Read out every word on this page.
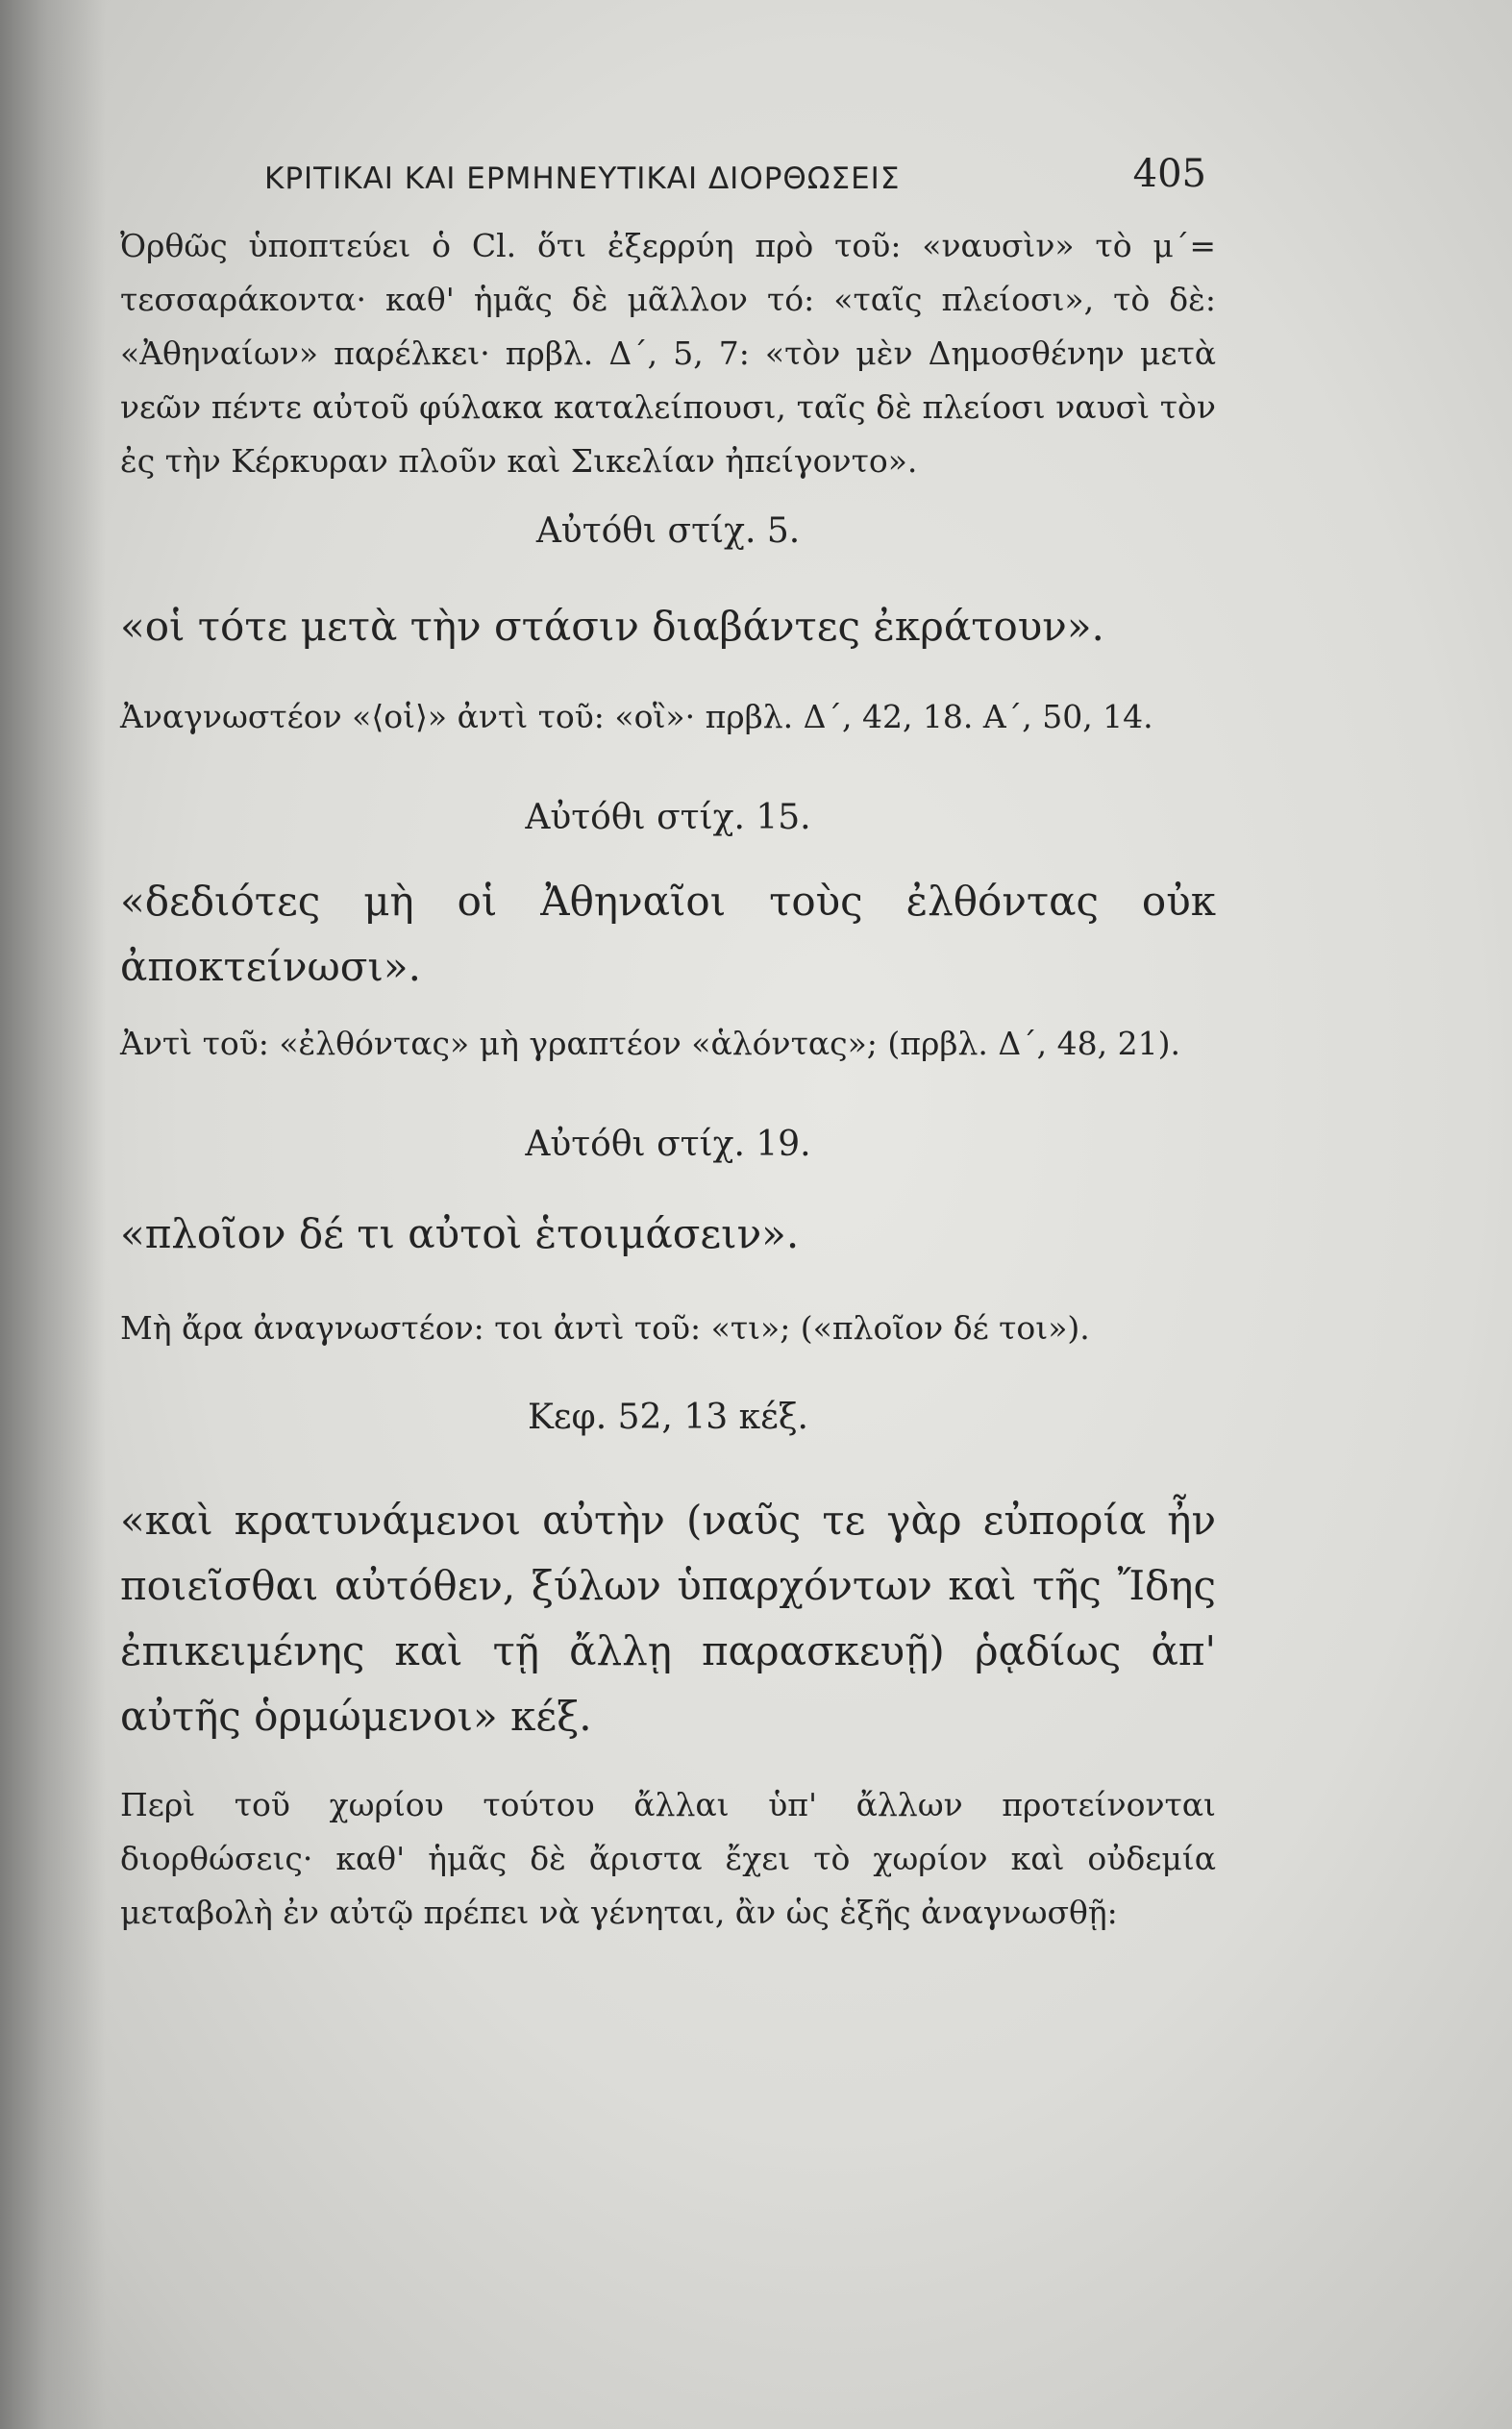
ΚΡΙΤΙΚΑΙ ΚΑΙ ΕΡΜΗΝΕΥΤΙΚΑΙ ΔΙΟΡΘΩΣΕΙΣ	405

Ὀρθῶς ὑποπτεύει ὁ Cl. ὅτι ἐξερρύη πρὸ τοῦ: «ναυσὶν» τὸ μ´= τεσσαράκοντα· καθ' ἡμᾶς δὲ μᾶλλον τό: «ταῖς πλείοσι», τὸ δὲ: «Ἀθηναίων» παρέλκει· πρβλ. Δ´, 5, 7: «τὸν μὲν Δημοσθένην μετὰ νεῶν πέντε αὐτοῦ φύλακα καταλείπουσι, ταῖς δὲ πλείοσι ναυσὶ τὸν ἐς τὴν Κέρκυραν πλοῦν καὶ Σικελίαν ἠπείγοντο».

Αὐτόθι στίχ. 5.

«οἱ τότε μετὰ τὴν στάσιν διαβάντες ἐκράτουν».

Ἀναγνωστέον «⟨οἱ⟩» ἀντὶ τοῦ: «οἳ»· πρβλ. Δ´, 42, 18. Α´, 50, 14.

Αὐτόθι στίχ. 15.

«δεδιότες μὴ οἱ Ἀθηναῖοι τοὺς ἐλθόντας οὐκ ἀποκτείνωσι».

Ἀντὶ τοῦ: «ἐλθόντας» μὴ γραπτέον «ἁλόντας»; (πρβλ. Δ´, 48, 21).

Αὐτόθι στίχ. 19.

«πλοῖον δέ τι αὐτοὶ ἑτοιμάσειν».

Μὴ ἄρα ἀναγνωστέον: τοι ἀντὶ τοῦ: «τι»; («πλοῖον δέ τοι»).

Κεφ. 52, 13 κέξ.

«καὶ κρατυνάμενοι αὐτὴν (ναῦς τε γὰρ εὐπορία ἦν ποιεῖσθαι αὐτόθεν, ξύλων ὑπαρχόντων καὶ τῆς Ἴδης ἐπικειμένης καὶ τῇ ἄλλῃ παρασκευῇ) ῥᾳδίως ἀπ' αὐτῆς ὁρμώμενοι» κέξ.

Περὶ τοῦ χωρίου τούτου ἄλλαι ὑπ' ἄλλων προτείνονται διορθώσεις· καθ' ἡμᾶς δὲ ἄριστα ἔχει τὸ χωρίον καὶ οὐδεμία μεταβολὴ ἐν αὐτῷ πρέπει νὰ γένηται, ἂν ὡς ἑξῆς ἀναγνωσθῇ:
